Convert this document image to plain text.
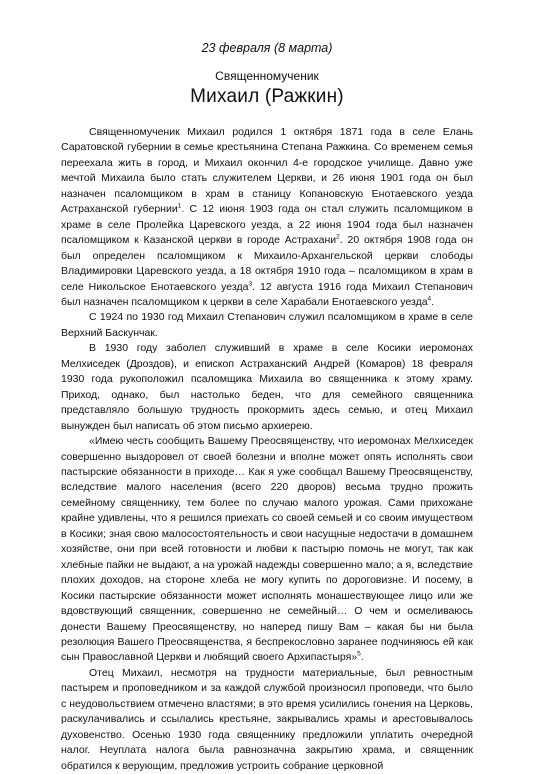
23 февраля (8 марта)
Священномученик
Михаил (Ражкин)

Священномученик Михаил родился 1 октября 1871 года в селе Елань Саратовской губернии в семье крестьянина Степана Ражкина. Со временем семья переехала жить в город, и Михаил окончил 4-е городское училище. Давно уже мечтой Михаила было стать служителем Церкви, и 26 июня 1901 года он был назначен псаломщиком в храм в станицу Копановскую Енотаевского уезда Астраханской губернии$^1$. С 12 июня 1903 года он стал служить псаломщиком в храме в селе Пролейка Царевского уезда, а 22 июня 1904 года был назначен псаломщиком к Казанской церкви в городе Астрахани$^2$. 20 октября 1908 года он был определен псаломщиком к Михаило-Архангельской церкви слободы Владимировки Царевского уезда, а 18 октября 1910 года – псаломщиком в храм в селе Никольское Енотаевского уезда$^3$. 12 августа 1916 года Михаил Степанович был назначен псаломщиком к церкви в селе Харабали Енотаевского уезда$^4$.

С 1924 по 1930 год Михаил Степанович служил псаломщиком в храме в селе Верхний Баскунчак.

В 1930 году заболел служивший в храме в селе Косики иеромонах Мелхиседек (Дроздов), и епископ Астраханский Андрей (Комаров) 18 февраля 1930 года рукоположил псаломщика Михаила во священника к этому храму. Приход, однако, был настолько беден, что для семейного священника представляло большую трудность прокормить здесь семью, и отец Михаил вынужден был написать об этом письмо архиерею.

«Имею честь сообщить Вашему Преосвященству, что иеромонах Мелхиседек совершенно выздоровел от своей болезни и вполне может опять исполнять свои пастырские обязанности в приходе… Как я уже сообщал Вашему Преосвященству, вследствие малого населения (всего 220 дворов) весьма трудно прожить семейному священнику, тем более по случаю малого урожая. Сами прихожане крайне удивлены, что я решился приехать со своей семьей и со своим имуществом в Косики; зная свою малосостоятельность и свои насущные недостачи в домашнем хозяйстве, они при всей готовности и любви к пастырю помочь не могут, так как хлебные пайки не выдают, а на урожай надежды совершенно мало; а я, вследствие плохих доходов, на стороне хлеба не могу купить по дороговизне. И посему, в Косики пастырские обязанности может исполнять монашествующее лицо или же вдовствующий священник, совершенно не семейный… О чем и осмеливаюсь донести Вашему Преосвященству, но наперед пишу Вам – какая бы ни была резолюция Вашего Преосвященства, я беспрекословно заранее подчиняюсь ей как сын Православной Церкви и любящий своего Архипастыря»$^5$.

Отец Михаил, несмотря на трудности материальные, был ревностным пастырем и проповедником и за каждой службой произносил проповеди, что было с неудовольствием отмечено властями; в это время усилились гонения на Церковь, раскулачивались и ссылались крестьяне, закрывались храмы и арестовывалось духовенство. Осенью 1930 года священнику предложили уплатить очередной налог. Неуплата налога была равнозначна закрытию храма, и священник обратился к верующим, предложив устроить собрание церковной
